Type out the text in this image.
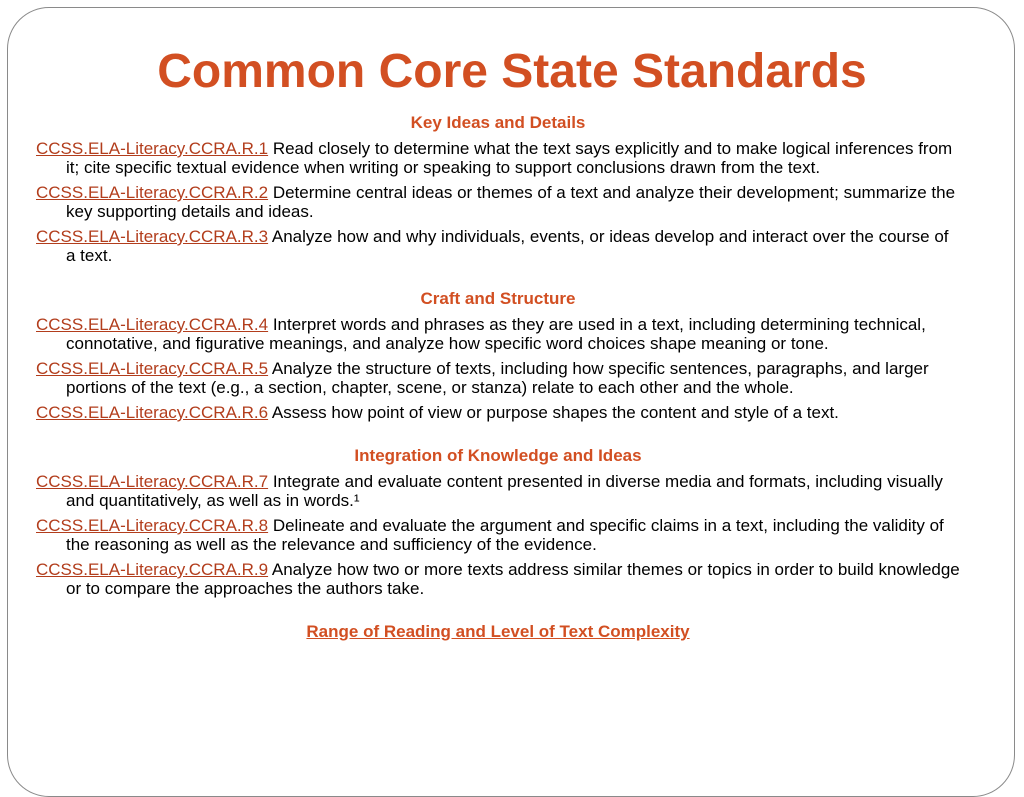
Common Core State Standards

Key Ideas and Details

CCSS.ELA-Literacy.CCRA.R.1 Read closely to determine what the text says explicitly and to make logical inferences from it; cite specific textual evidence when writing or speaking to support conclusions drawn from the text.

CCSS.ELA-Literacy.CCRA.R.2 Determine central ideas or themes of a text and analyze their development; summarize the key supporting details and ideas.

CCSS.ELA-Literacy.CCRA.R.3 Analyze how and why individuals, events, or ideas develop and interact over the course of a text.

Craft and Structure

CCSS.ELA-Literacy.CCRA.R.4 Interpret words and phrases as they are used in a text, including determining technical, connotative, and figurative meanings, and analyze how specific word choices shape meaning or tone.

CCSS.ELA-Literacy.CCRA.R.5 Analyze the structure of texts, including how specific sentences, paragraphs, and larger portions of the text (e.g., a section, chapter, scene, or stanza) relate to each other and the whole.

CCSS.ELA-Literacy.CCRA.R.6 Assess how point of view or purpose shapes the content and style of a text.

Integration of Knowledge and Ideas

CCSS.ELA-Literacy.CCRA.R.7 Integrate and evaluate content presented in diverse media and formats, including visually and quantitatively, as well as in words.¹

CCSS.ELA-Literacy.CCRA.R.8 Delineate and evaluate the argument and specific claims in a text, including the validity of the reasoning as well as the relevance and sufficiency of the evidence.

CCSS.ELA-Literacy.CCRA.R.9 Analyze how two or more texts address similar themes or topics in order to build knowledge or to compare the approaches the authors take.

Range of Reading and Level of Text Complexity
